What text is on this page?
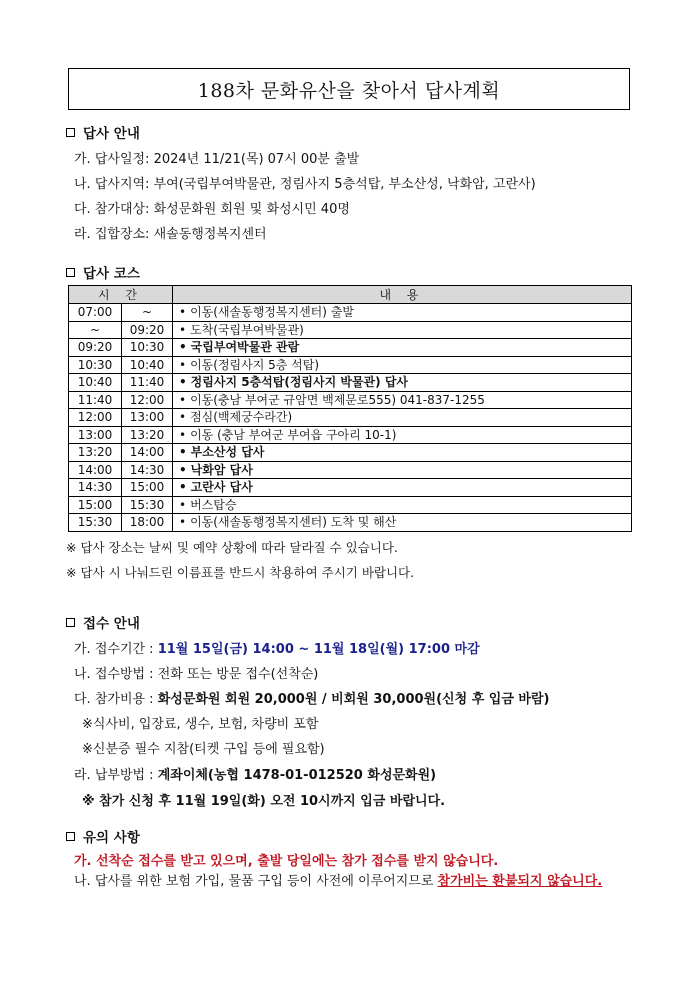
188차 문화유산을 찾아서 답사계획
답사 안내
가. 답사일정: 2024년 11/21(목) 07시 00분 출발
나. 답사지역: 부여(국립부여박물관, 정림사지 5층석탑, 부소산성, 낙화암, 고란사)
다. 참가대상: 화성문화원 회원 및 화성시민 40명
라. 집합장소: 새솔동행정복지센터
답사 코스
시 간		내 용
07:00	~	• 이동(새솔동행정복지센터) 출발
~	09:20	• 도착(국립부여박물관)
09:20	10:30	• 국립부여박물관 관람
10:30	10:40	• 이동(정림사지 5층 석탑)
10:40	11:40	• 정림사지 5층석탑(정림사지 박물관) 답사
11:40	12:00	• 이동(충남 부여군 규암면 백제문로555) 041-837-1255
12:00	13:00	• 점심(백제궁수라간)
13:00	13:20	• 이동 (충남 부여군 부여읍 구아리 10-1)
13:20	14:00	• 부소산성 답사
14:00	14:30	• 낙화암 답사
14:30	15:00	• 고란사 답사
15:00	15:30	• 버스탑승
15:30	18:00	• 이동(새솔동행정복지센터) 도착 및 해산
※ 답사 장소는 날씨 및 예약 상황에 따라 달라질 수 있습니다.
※ 답사 시 나눠드린 이름표를 반드시 착용하여 주시기 바랍니다.
접수 안내
가. 접수기간 : 11월 15일(금) 14:00 ~ 11월 18일(월) 17:00 마감
나. 접수방법 : 전화 또는 방문 접수(선착순)
다. 참가비용 : 화성문화원 회원 20,000원 / 비회원 30,000원(신청 후 입금 바람)
※식사비, 입장료, 생수, 보험, 차량비 포함
※신분증 필수 지참(티켓 구입 등에 필요함)
라. 납부방법 : 계좌이체(농협 1478-01-012520 화성문화원)
※ 참가 신청 후 11월 19일(화) 오전 10시까지 입금 바랍니다.
유의 사항
가. 선착순 접수를 받고 있으며, 출발 당일에는 참가 접수를 받지 않습니다.
나. 답사를 위한 보험 가입, 물품 구입 등이 사전에 이루어지므로 참가비는 환불되지 않습니다.
